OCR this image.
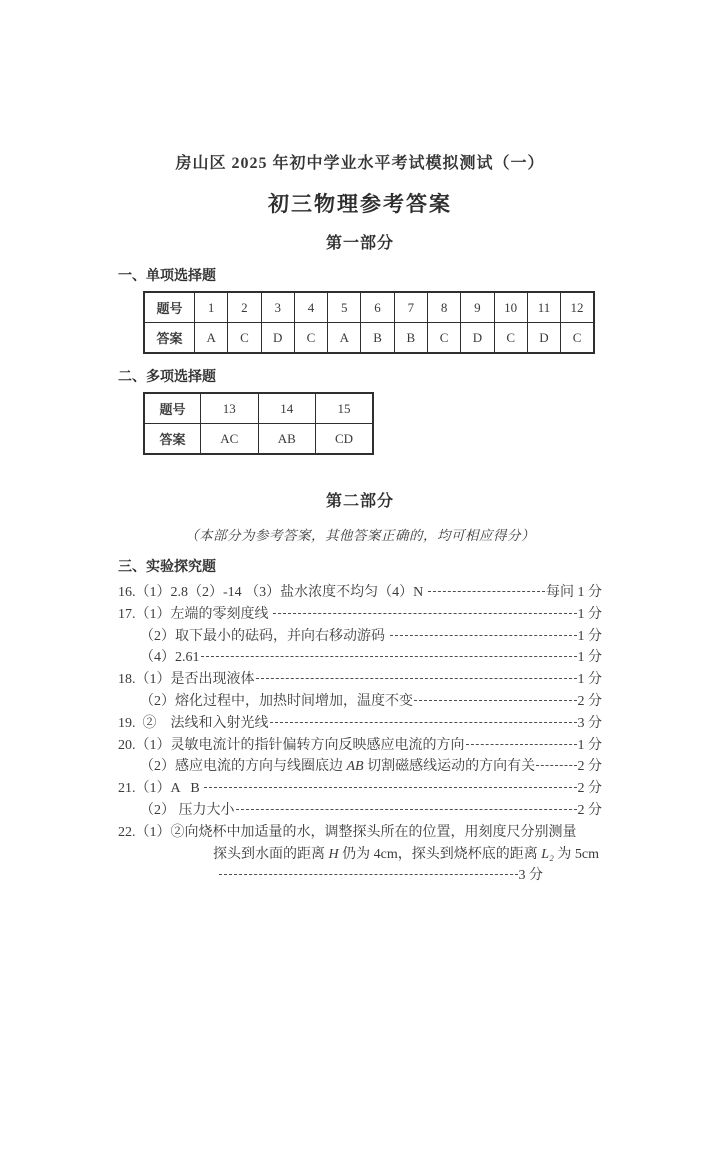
房山区 2025 年初中学业水平考试模拟测试（一）
初三物理参考答案
第一部分
一、单项选择题
题号	1	2	3	4	5	6	7	8	9	10	11	12
答案	A	C	D	C	A	B	B	C	D	C	D	C
二、多项选择题
题号	13	14	15
答案	AC	AB	CD
第二部分
（本部分为参考答案，其他答案正确的，均可相应得分）
三、实验探究题
16.（1）2.8（2）-14 （3）盐水浓度不均匀（4）N	每问 1 分
17.（1）左端的零刻度线	1 分
（2）取下最小的砝码，并向右移动游码	1 分
（4）2.61	1 分
18.（1）是否出现液体	1 分
（2）熔化过程中，加热时间增加，温度不变	2 分
19.  ②    法线和入射光线	3 分
20.（1）灵敏电流计的指针偏转方向反映感应电流的方向	1 分
（2）感应电流的方向与线圈底边 AB 切割磁感线运动的方向有关	2 分
21.（1）A   B	2 分
（2） 压力大小	2 分
22.（1）②向烧杯中加适量的水，调整探头所在的位置，用刻度尺分别测量
探头到水面的距离 H 仍为 4cm，探头到烧杯底的距离 L₂ 为 5cm
3 分
